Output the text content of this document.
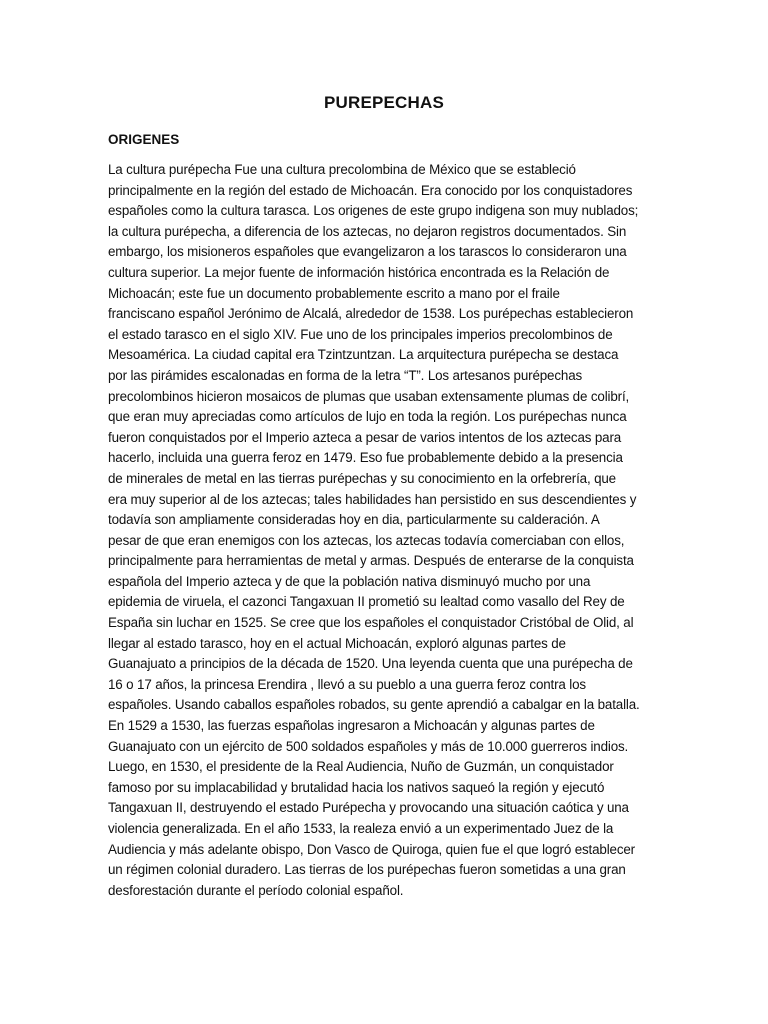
PUREPECHAS
ORIGENES
La cultura purépecha Fue una cultura precolombina de México que se estableció
principalmente en la región del estado de Michoacán. Era conocido por los conquistadores
españoles como la cultura tarasca. Los origenes de este grupo indigena son muy nublados;
la cultura purépecha, a diferencia de los aztecas, no dejaron registros documentados. Sin
embargo, los misioneros españoles que evangelizaron a los tarascos lo consideraron una
cultura superior. La mejor fuente de información histórica encontrada es la Relación de
Michoacán; este fue un documento probablemente escrito a mano por el fraile
franciscano español Jerónimo de Alcalá, alrededor de 1538. Los purépechas establecieron
el estado tarasco en el siglo XIV. Fue uno de los principales imperios precolombinos de
Mesoamérica. La ciudad capital era Tzintzuntzan. La arquitectura purépecha se destaca
por las pirámides escalonadas en forma de la letra “T”. Los artesanos purépechas
precolombinos hicieron mosaicos de plumas que usaban extensamente plumas de colibrí,
que eran muy apreciadas como artículos de lujo en toda la región. Los purépechas nunca
fueron conquistados por el Imperio azteca a pesar de varios intentos de los aztecas para
hacerlo, incluida una guerra feroz en 1479. Eso fue probablemente debido a la presencia
de minerales de metal en las tierras purépechas y su conocimiento en la orfebrería, que
era muy superior al de los aztecas; tales habilidades han persistido en sus descendientes y
todavía son ampliamente consideradas hoy en dia, particularmente su calderación. A
pesar de que eran enemigos con los aztecas, los aztecas todavía comerciaban con ellos,
principalmente para herramientas de metal y armas. Después de enterarse de la conquista
española del Imperio azteca y de que la población nativa disminuyó mucho por una
epidemia de viruela, el cazonci Tangaxuan II prometió su lealtad como vasallo del Rey de
España sin luchar en 1525. Se cree que los españoles el conquistador Cristóbal de Olid, al
llegar al estado tarasco, hoy en el actual Michoacán, exploró algunas partes de
Guanajuato a principios de la década de 1520. Una leyenda cuenta que una purépecha de
16 o 17 años, la princesa Erendira , llevó a su pueblo a una guerra feroz contra los
españoles. Usando caballos españoles robados, su gente aprendió a cabalgar en la batalla.
En 1529 a 1530, las fuerzas españolas ingresaron a Michoacán y algunas partes de
Guanajuato con un ejército de 500 soldados españoles y más de 10.000 guerreros indios.
Luego, en 1530, el presidente de la Real Audiencia, Nuño de Guzmán, un conquistador
famoso por su implacabilidad y brutalidad hacia los nativos saqueó la región y ejecutó
Tangaxuan II, destruyendo el estado Purépecha y provocando una situación caótica y una
violencia generalizada. En el año 1533, la realeza envió a un experimentado Juez de la
Audiencia y más adelante obispo, Don Vasco de Quiroga, quien fue el que logró establecer
un régimen colonial duradero. Las tierras de los purépechas fueron sometidas a una gran
desforestación durante el período colonial español.
